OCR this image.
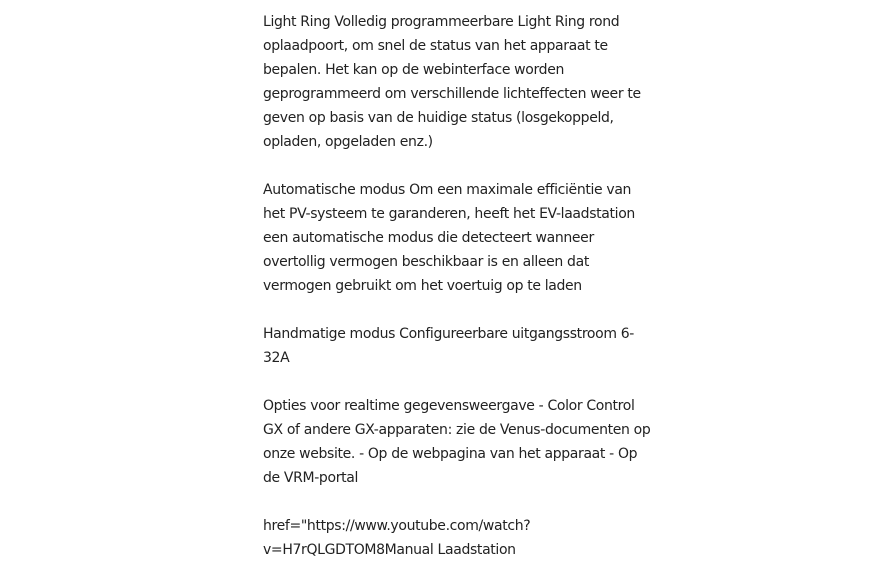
Light Ring Volledig programmeerbare Light Ring rond oplaadpoort, om snel de status van het apparaat te bepalen. Het kan op de webinterface worden geprogrammeerd om verschillende lichteffecten weer te geven op basis van de huidige status (losgekoppeld, opladen, opgeladen enz.)

Automatische modus Om een maximale efficiëntie van het PV-systeem te garanderen, heeft het EV-laadstation een automatische modus die detecteert wanneer overtollig vermogen beschikbaar is en alleen dat vermogen gebruikt om het voertuig op te laden

Handmatige modus Configureerbare uitgangsstroom 6-32A

Opties voor realtime gegevensweergave - Color Control GX of andere GX-apparaten: zie de Venus-documenten op onze website. - Op de webpagina van het apparaat - Op de VRM-portal

href="https://www.youtube.com/watch?v=H7rQLGDTOM8Manual Laadstation
